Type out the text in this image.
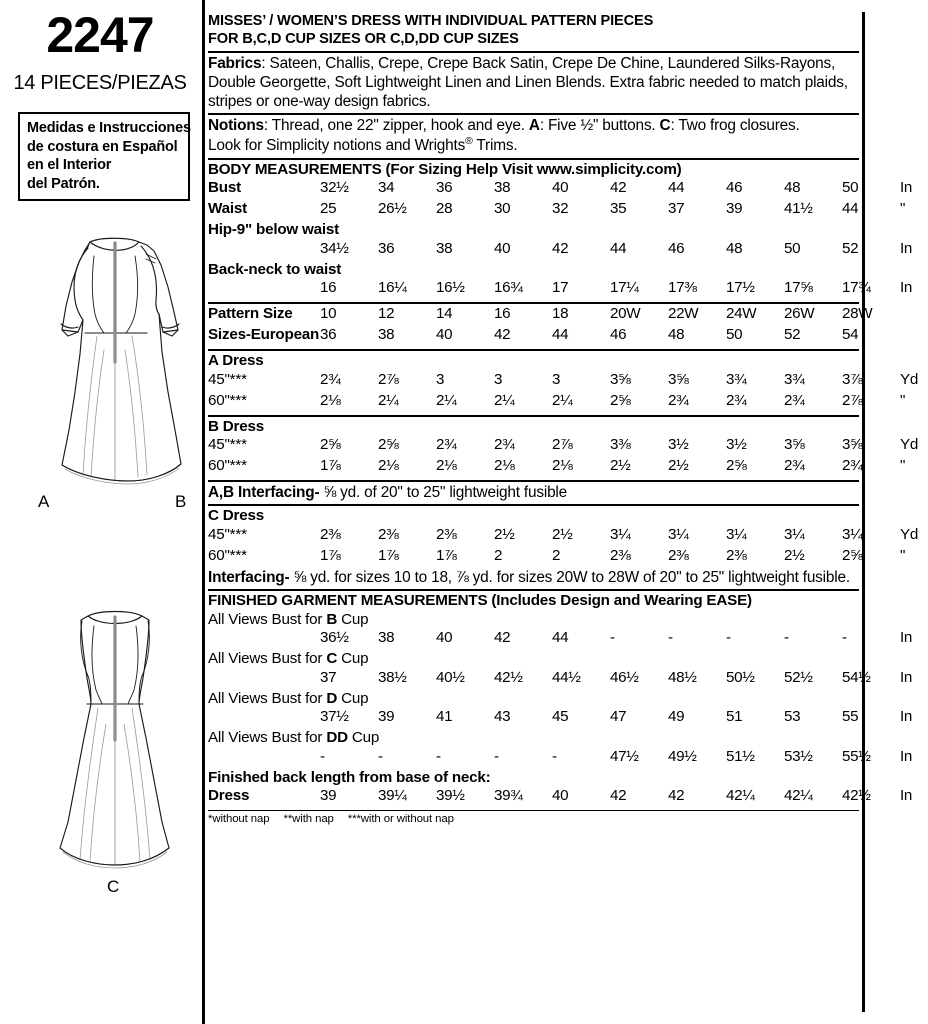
2247
14 PIECES/PIEZAS
Medidas e Instrucciones
de costura en Español
en el Interior
del Patrón.
A	B
C
MISSES’ / WOMEN’S DRESS WITH INDIVIDUAL PATTERN PIECES
FOR B,C,D CUP SIZES OR C,D,DD CUP SIZES
Fabrics: Sateen, Challis, Crepe, Crepe Back Satin, Crepe De Chine, Laundered Silks-Rayons, Double Georgette, Soft Lightweight Linen and Linen Blends. Extra fabric needed to match plaids, stripes or one-way design fabrics.
Notions: Thread, one 22" zipper, hook and eye. A: Five ½" buttons. C: Two frog closures.
Look for Simplicity notions and Wrights® Trims.
BODY MEASUREMENTS (For Sizing Help Visit www.simplicity.com)
Bust	32½	34	36	38	40	42	44	46	48	50	In
Waist	25	26½	28	30	32	35	37	39	41½	44	"
Hip-9" below waist
34½	36	38	40	42	44	46	48	50	52	In
Back-neck to waist
16	16¼	16½	16¾	17	17¼	17⅜	17½	17⅝	17¾	In
Pattern Size	10	12	14	16	18	20W	22W	24W	26W	28W
Sizes-European 36	38	40	42	44	46	48	50	52	54
A Dress
45"***	2¾	2⅞	3	3	3	3⅝	3⅝	3¾	3¾	3⅞	Yd
60"***	2⅛	2¼	2¼	2¼	2¼	2⅝	2¾	2¾	2¾	2⅞	"
B Dress
45"***	2⅝	2⅝	2¾	2¾	2⅞	3⅜	3½	3½	3⅝	3⅝	Yd
60"***	1⅞	2⅛	2⅛	2⅛	2⅛	2½	2½	2⅝	2¾	2¾	"
A,B Interfacing- ⅝ yd. of 20" to 25" lightweight fusible
C Dress
45"***	2⅜	2⅜	2⅜	2½	2½	3¼	3¼	3¼	3¼	3¼	Yd
60"***	1⅞	1⅞	1⅞	2	2	2⅜	2⅜	2⅜	2½	2⅝	"
Interfacing- ⅝ yd. for sizes 10 to 18, ⅞ yd. for sizes 20W to 28W of 20" to 25" lightweight fusible.
FINISHED GARMENT MEASUREMENTS (Includes Design and Wearing EASE)
All Views Bust for B Cup
36½	38	40	42	44	-	-	-	-	-	In
All Views Bust for C Cup
37	38½	40½	42½	44½	46½	48½	50½	52½	54½	In
All Views Bust for D Cup
37½	39	41	43	45	47	49	51	53	55	In
All Views Bust for DD Cup
-	-	-	-	-	47½	49½	51½	53½	55½	In
Finished back length from base of neck:
Dress	39	39¼	39½	39¾	40	42	42	42¼	42¼	42½	In
*without nap **with nap ***with or without nap
